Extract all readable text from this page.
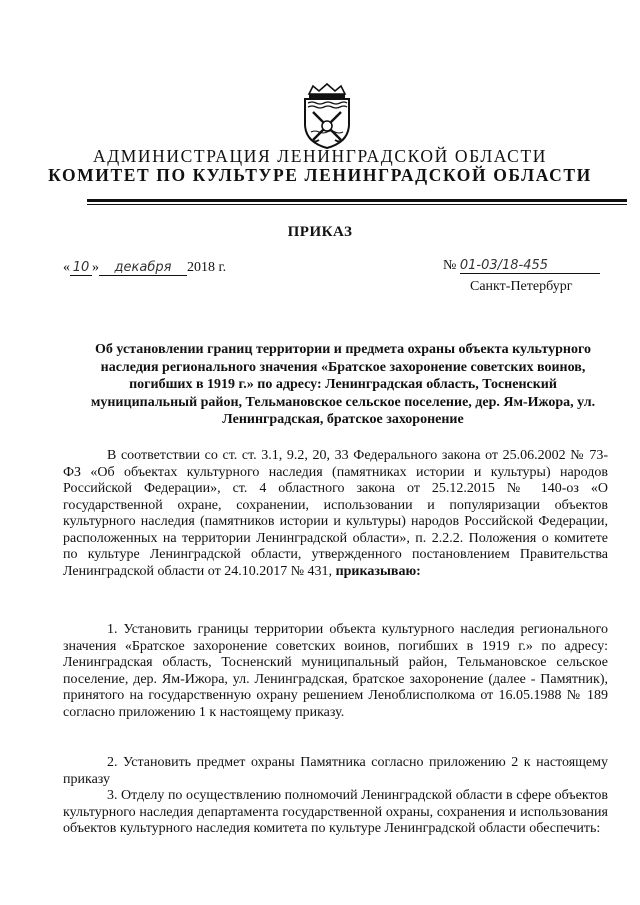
АДМИНИСТРАЦИЯ ЛЕНИНГРАДСКОЙ ОБЛАСТИ
КОМИТЕТ ПО КУЛЬТУРЕ ЛЕНИНГРАДСКОЙ ОБЛАСТИ
ПРИКАЗ
« 10 » декабря 2018 г.	№ 01-03/18-455
Санкт-Петербург
Об установлении границ территории и предмета охраны объекта культурного наследия регионального значения «Братское захоронение советских воинов, погибших в 1919 г.» по адресу: Ленинградская область, Тосненский муниципальный район, Тельмановское сельское поселение, дер. Ям-Ижора, ул. Ленинградская, братское захоронение
В соответствии со ст. ст. 3.1, 9.2, 20, 33 Федерального закона от 25.06.2002 № 73-ФЗ «Об объектах культурного наследия (памятниках истории и культуры) народов Российской Федерации», ст. 4 областного закона от 25.12.2015 № 140-оз «О государственной охране, сохранении, использовании и популяризации объектов культурного наследия (памятников истории и культуры) народов Российской Федерации, расположенных на территории Ленинградской области», п. 2.2.2. Положения о комитете по культуре Ленинградской области, утвержденного постановлением Правительства Ленинградской области от 24.10.2017 № 431, приказываю:
1. Установить границы территории объекта культурного наследия регионального значения «Братское захоронение советских воинов, погибших в 1919 г.» по адресу: Ленинградская область, Тосненский муниципальный район, Тельмановское сельское поселение, дер. Ям-Ижора, ул. Ленинградская, братское захоронение (далее - Памятник), принятого на государственную охрану решением Леноблисполкома от 16.05.1988 № 189 согласно приложению 1 к настоящему приказу.
2. Установить предмет охраны Памятника согласно приложению 2 к настоящему приказу
3. Отделу по осуществлению полномочий Ленинградской области в сфере объектов культурного наследия департамента государственной охраны, сохранения и использования объектов культурного наследия комитета по культуре Ленинградской области обеспечить:
